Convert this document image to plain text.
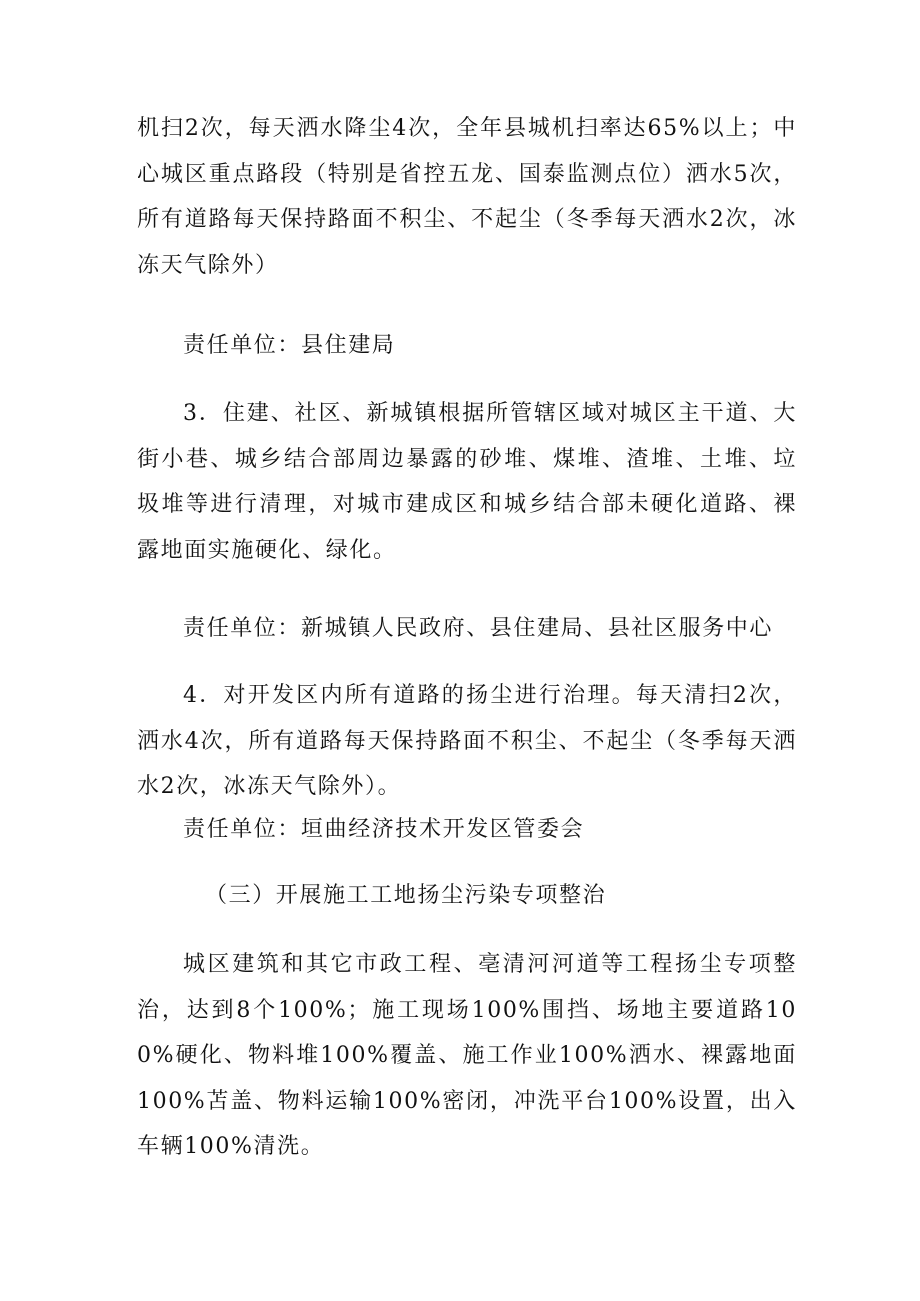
机扫2次，每天洒水降尘4次，全年县城机扫率达65%以上；中心城区重点路段（特别是省控五龙、国泰监测点位）洒水5次，所有道路每天保持路面不积尘、不起尘（冬季每天洒水2次，冰冻天气除外）

责任单位：县住建局

3．住建、社区、新城镇根据所管辖区域对城区主干道、大街小巷、城乡结合部周边暴露的砂堆、煤堆、渣堆、土堆、垃圾堆等进行清理，对城市建成区和城乡结合部未硬化道路、裸露地面实施硬化、绿化。

责任单位：新城镇人民政府、县住建局、县社区服务中心

4．对开发区内所有道路的扬尘进行治理。每天清扫2次，洒水4次，所有道路每天保持路面不积尘、不起尘（冬季每天洒水2次，冰冻天气除外）。

责任单位：垣曲经济技术开发区管委会

（三）开展施工工地扬尘污染专项整治

城区建筑和其它市政工程、亳清河河道等工程扬尘专项整治，达到8个100%；施工现场100%围挡、场地主要道路100%硬化、物料堆100%覆盖、施工作业100%洒水、裸露地面100%苫盖、物料运输100%密闭，冲洗平台100%设置，出入车辆100%清洗。
